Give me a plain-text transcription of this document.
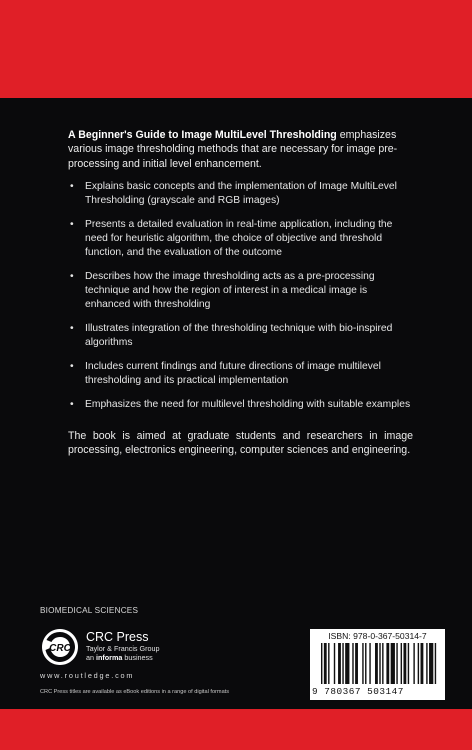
A Beginner's Guide to Image MultiLevel Thresholding emphasizes various image thresholding methods that are necessary for image pre-processing and initial level enhancement.

• Explains basic concepts and the implementation of Image MultiLevel Thresholding (grayscale and RGB images)
• Presents a detailed evaluation in real-time application, including the need for heuristic algorithm, the choice of objective and threshold function, and the evaluation of the outcome
• Describes how the image thresholding acts as a pre-processing technique and how the region of interest in a medical image is enhanced with thresholding
• Illustrates integration of the thresholding technique with bio-inspired algorithms
• Includes current findings and future directions of image multilevel thresholding and its practical implementation
• Emphasizes the need for multilevel thresholding with suitable examples

The book is aimed at graduate students and researchers in image processing, electronics engineering, computer sciences and engineering.

BIOMEDICAL SCIENCES
CRC
CRC Press
Taylor & Francis Group
an informa business
www.routledge.com
CRC Press titles are available as eBook editions in a range of digital formats
ISBN: 978-0-367-50314-7
9 780367 503147
